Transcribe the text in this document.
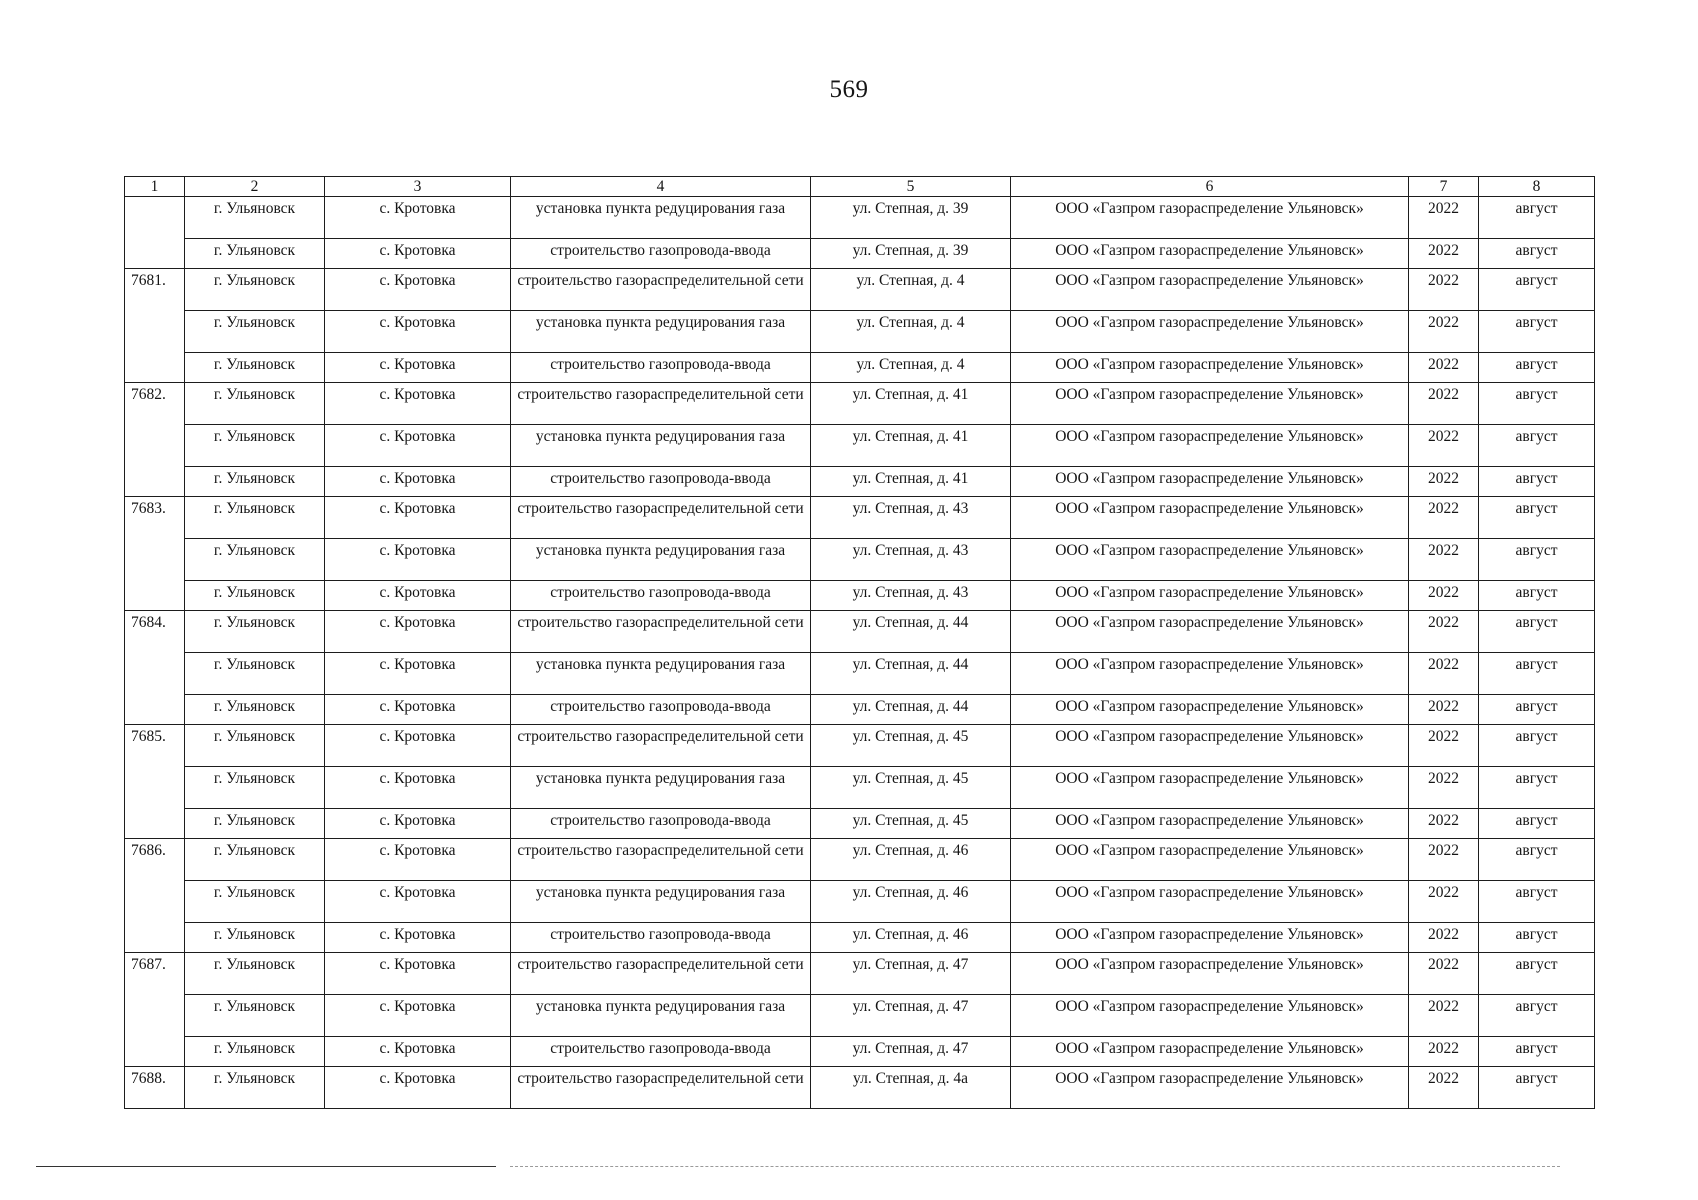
569
1	2	3	4	5	6	7	8
	г. Ульяновск	с. Кротовка	установка пункта редуцирования газа	ул. Степная, д. 39	ООО «Газпром газораспределение Ульяновск»	2022	август
	г. Ульяновск	с. Кротовка	строительство газопровода-ввода	ул. Степная, д. 39	ООО «Газпром газораспределение Ульяновск»	2022	август
7681.	г. Ульяновск	с. Кротовка	строительство газораспределительной сети	ул. Степная, д. 4	ООО «Газпром газораспределение Ульяновск»	2022	август
	г. Ульяновск	с. Кротовка	установка пункта редуцирования газа	ул. Степная, д. 4	ООО «Газпром газораспределение Ульяновск»	2022	август
	г. Ульяновск	с. Кротовка	строительство газопровода-ввода	ул. Степная, д. 4	ООО «Газпром газораспределение Ульяновск»	2022	август
7682.	г. Ульяновск	с. Кротовка	строительство газораспределительной сети	ул. Степная, д. 41	ООО «Газпром газораспределение Ульяновск»	2022	август
	г. Ульяновск	с. Кротовка	установка пункта редуцирования газа	ул. Степная, д. 41	ООО «Газпром газораспределение Ульяновск»	2022	август
	г. Ульяновск	с. Кротовка	строительство газопровода-ввода	ул. Степная, д. 41	ООО «Газпром газораспределение Ульяновск»	2022	август
7683.	г. Ульяновск	с. Кротовка	строительство газораспределительной сети	ул. Степная, д. 43	ООО «Газпром газораспределение Ульяновск»	2022	август
	г. Ульяновск	с. Кротовка	установка пункта редуцирования газа	ул. Степная, д. 43	ООО «Газпром газораспределение Ульяновск»	2022	август
	г. Ульяновск	с. Кротовка	строительство газопровода-ввода	ул. Степная, д. 43	ООО «Газпром газораспределение Ульяновск»	2022	август
7684.	г. Ульяновск	с. Кротовка	строительство газораспределительной сети	ул. Степная, д. 44	ООО «Газпром газораспределение Ульяновск»	2022	август
	г. Ульяновск	с. Кротовка	установка пункта редуцирования газа	ул. Степная, д. 44	ООО «Газпром газораспределение Ульяновск»	2022	август
	г. Ульяновск	с. Кротовка	строительство газопровода-ввода	ул. Степная, д. 44	ООО «Газпром газораспределение Ульяновск»	2022	август
7685.	г. Ульяновск	с. Кротовка	строительство газораспределительной сети	ул. Степная, д. 45	ООО «Газпром газораспределение Ульяновск»	2022	август
	г. Ульяновск	с. Кротовка	установка пункта редуцирования газа	ул. Степная, д. 45	ООО «Газпром газораспределение Ульяновск»	2022	август
	г. Ульяновск	с. Кротовка	строительство газопровода-ввода	ул. Степная, д. 45	ООО «Газпром газораспределение Ульяновск»	2022	август
7686.	г. Ульяновск	с. Кротовка	строительство газораспределительной сети	ул. Степная, д. 46	ООО «Газпром газораспределение Ульяновск»	2022	август
	г. Ульяновск	с. Кротовка	установка пункта редуцирования газа	ул. Степная, д. 46	ООО «Газпром газораспределение Ульяновск»	2022	август
	г. Ульяновск	с. Кротовка	строительство газопровода-ввода	ул. Степная, д. 46	ООО «Газпром газораспределение Ульяновск»	2022	август
7687.	г. Ульяновск	с. Кротовка	строительство газораспределительной сети	ул. Степная, д. 47	ООО «Газпром газораспределение Ульяновск»	2022	август
	г. Ульяновск	с. Кротовка	установка пункта редуцирования газа	ул. Степная, д. 47	ООО «Газпром газораспределение Ульяновск»	2022	август
	г. Ульяновск	с. Кротовка	строительство газопровода-ввода	ул. Степная, д. 47	ООО «Газпром газораспределение Ульяновск»	2022	август
7688.	г. Ульяновск	с. Кротовка	строительство газораспределительной сети	ул. Степная, д. 4а	ООО «Газпром газораспределение Ульяновск»	2022	август
